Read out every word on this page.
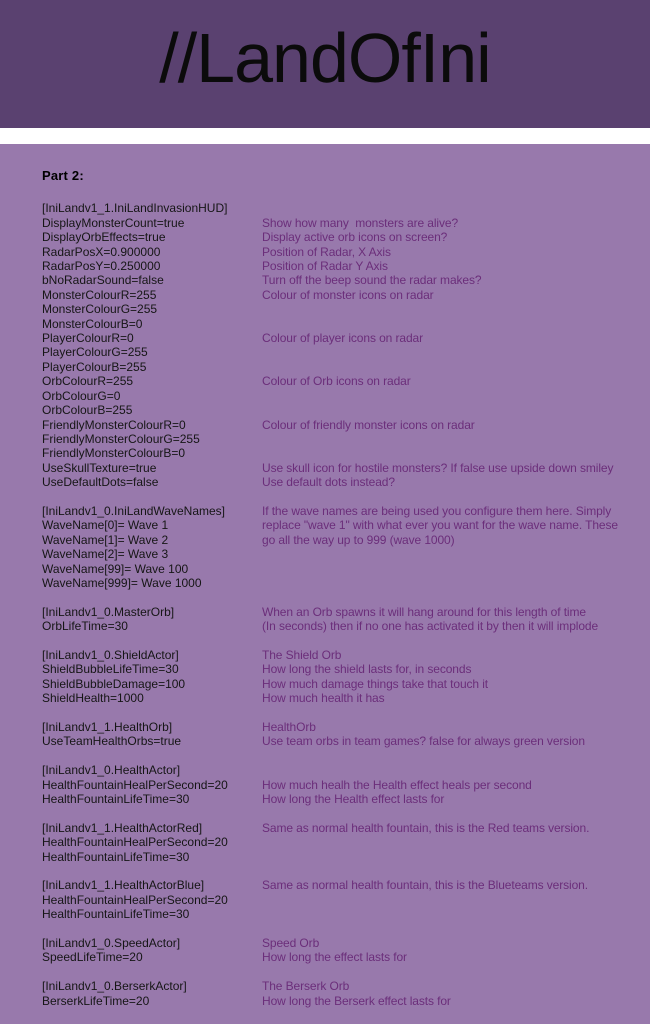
//LandOfIni
Part 2:
[IniLandv1_1.IniLandInvasionHUD]
DisplayMonsterCount=true	Show how many  monsters are alive?
DisplayOrbEffects=true	Display active orb icons on screen?
RadarPosX=0.900000	Position of Radar, X Axis
RadarPosY=0.250000	Position of Radar Y Axis
bNoRadarSound=false	Turn off the beep sound the radar makes?
MonsterColourR=255	Colour of monster icons on radar
MonsterColourG=255
MonsterColourB=0
PlayerColourR=0	Colour of player icons on radar
PlayerColourG=255
PlayerColourB=255
OrbColourR=255	Colour of Orb icons on radar
OrbColourG=0
OrbColourB=255
FriendlyMonsterColourR=0	Colour of friendly monster icons on radar
FriendlyMonsterColourG=255
FriendlyMonsterColourB=0
UseSkullTexture=true	Use skull icon for hostile monsters? If false use upside down smiley
UseDefaultDots=false	Use default dots instead?
[IniLandv1_0.IniLandWaveNames]	If the wave names are being used you configure them here. Simply
WaveName[0]= Wave 1	replace "wave 1" with what ever you want for the wave name. These
WaveName[1]= Wave 2	go all the way up to 999 (wave 1000)
WaveName[2]= Wave 3
WaveName[99]= Wave 100
WaveName[999]= Wave 1000
[IniLandv1_0.MasterOrb]	When an Orb spawns it will hang around for this length of time
OrbLifeTime=30	(In seconds) then if no one has activated it by then it will implode
[IniLandv1_0.ShieldActor]	The Shield Orb
ShieldBubbleLifeTime=30	How long the shield lasts for, in seconds
ShieldBubbleDamage=100	How much damage things take that touch it
ShieldHealth=1000	How much health it has
[IniLandv1_1.HealthOrb]	HealthOrb
UseTeamHealthOrbs=true	Use team orbs in team games? false for always green version
[IniLandv1_0.HealthActor]
HealthFountainHealPerSecond=20	How much healh the Health effect heals per second
HealthFountainLifeTime=30	How long the Health effect lasts for
[IniLandv1_1.HealthActorRed]	Same as normal health fountain, this is the Red teams version.
HealthFountainHealPerSecond=20
HealthFountainLifeTime=30
[IniLandv1_1.HealthActorBlue]	Same as normal health fountain, this is the Blueteams version.
HealthFountainHealPerSecond=20
HealthFountainLifeTime=30
[IniLandv1_0.SpeedActor]	Speed Orb
SpeedLifeTime=20	How long the effect lasts for
[IniLandv1_0.BerserkActor]	The Berserk Orb
BerserkLifeTime=20	How long the Berserk effect lasts for
